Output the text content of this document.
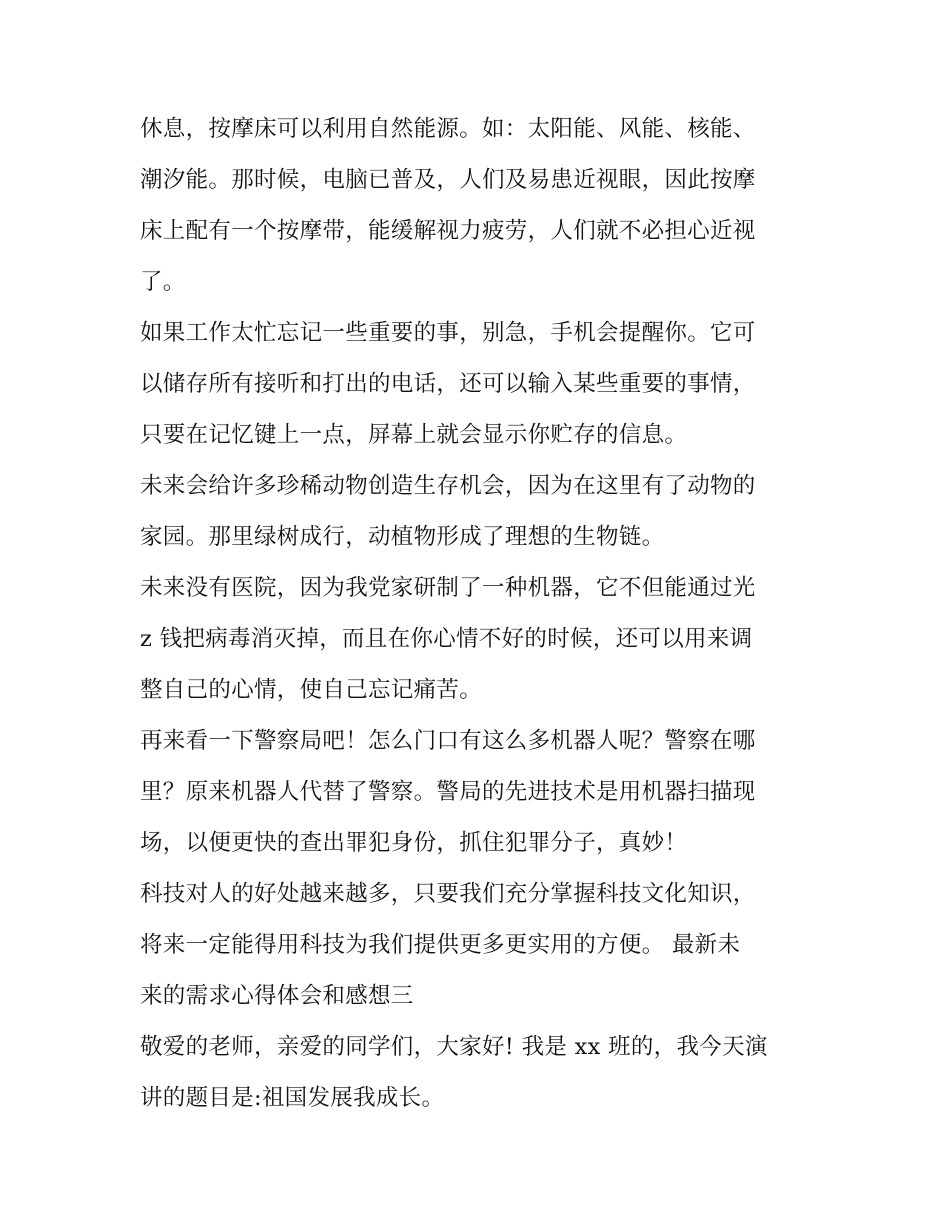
休息，按摩床可以利用自然能源。如：太阳能、风能、核能、
潮汐能。那时候，电脑已普及，人们及易患近视眼，因此按摩
床上配有一个按摩带，能缓解视力疲劳，人们就不必担心近视
了。
如果工作太忙忘记一些重要的事，别急，手机会提醒你。它可
以储存所有接听和打出的电话，还可以输入某些重要的事情，
只要在记忆键上一点，屏幕上就会显示你贮存的信息。
未来会给许多珍稀动物创造生存机会，因为在这里有了动物的
家园。那里绿树成行，动植物形成了理想的生物链。
未来没有医院，因为我党家研制了一种机器，它不但能通过光
z 钱把病毒消灭掉，而且在你心情不好的时候，还可以用来调
整自己的心情，使自己忘记痛苦。
再来看一下警察局吧！怎么门口有这么多机器人呢？警察在哪
里？原来机器人代替了警察。警局的先进技术是用机器扫描现
场，以便更快的查出罪犯身份，抓住犯罪分子，真妙！
科技对人的好处越来越多，只要我们充分掌握科技文化知识，
将来一定能得用科技为我们提供更多更实用的方便。 最新未
来的需求心得体会和感想三
敬爱的老师，亲爱的同学们，大家好! 我是 xx 班的，我今天演
讲的题目是:祖国发展我成长。
